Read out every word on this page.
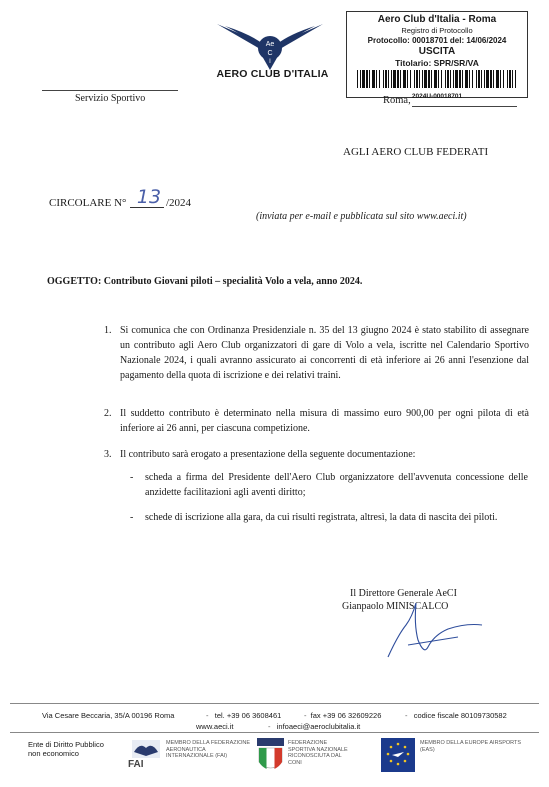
Ae
C
I
AERO CLUB D'ITALIA
Aero Club d'Italia - Roma
Registro di Protocollo
Protocollo: 00018701 del: 14/06/2024
USCITA
Titolario: SPR/SR/VA
2024U-00018701
Servizio Sportivo	Roma,
AGLI AERO CLUB FEDERATI
CIRCOLARE N° 13 /2024
(inviata per e-mail e pubblicata sul sito www.aeci.it)
OGGETTO: Contributo Giovani piloti – specialità Volo a vela, anno 2024.
1. Si comunica che con Ordinanza Presidenziale n. 35 del 13 giugno 2024 è stato stabilito di assegnare un contributo agli Aero Club organizzatori di gare di Volo a vela, iscritte nel Calendario Sportivo Nazionale 2024, i quali avranno assicurato ai concorrenti di età inferiore ai 26 anni l'esenzione dal pagamento della quota di iscrizione e dei relativi traini.
2. Il suddetto contributo è determinato nella misura di massimo euro 900,00 per ogni pilota di età inferiore ai 26 anni, per ciascuna competizione.
3. Il contributo sarà erogato a presentazione della seguente documentazione:
- scheda a firma del Presidente dell'Aero Club organizzatore dell'avvenuta concessione delle anzidette facilitazioni agli aventi diritto;
- schede di iscrizione alla gara, da cui risulti registrata, altresì, la data di nascita dei piloti.
Il Direttore Generale AeCI
Gianpaolo MINISCALCO
Via Cesare Beccaria, 35/A 00196 Roma	- tel. +39 06 3608461	- fax +39 06 32609226	- codice fiscale 80109730582
www.aeci.it	- infoaeci@aeroclubitalia.it
Ente di Diritto Pubblico non economico
FAI
MEMBRO DELLA FEDERAZIONE AERONAUTICA INTERNAZIONALE (FAI)
FEDERAZIONE SPORTIVA NAZIONALE RICONOSCIUTA DAL CONI
MEMBRO DELLA EUROPE AIRSPORTS (EAS)
